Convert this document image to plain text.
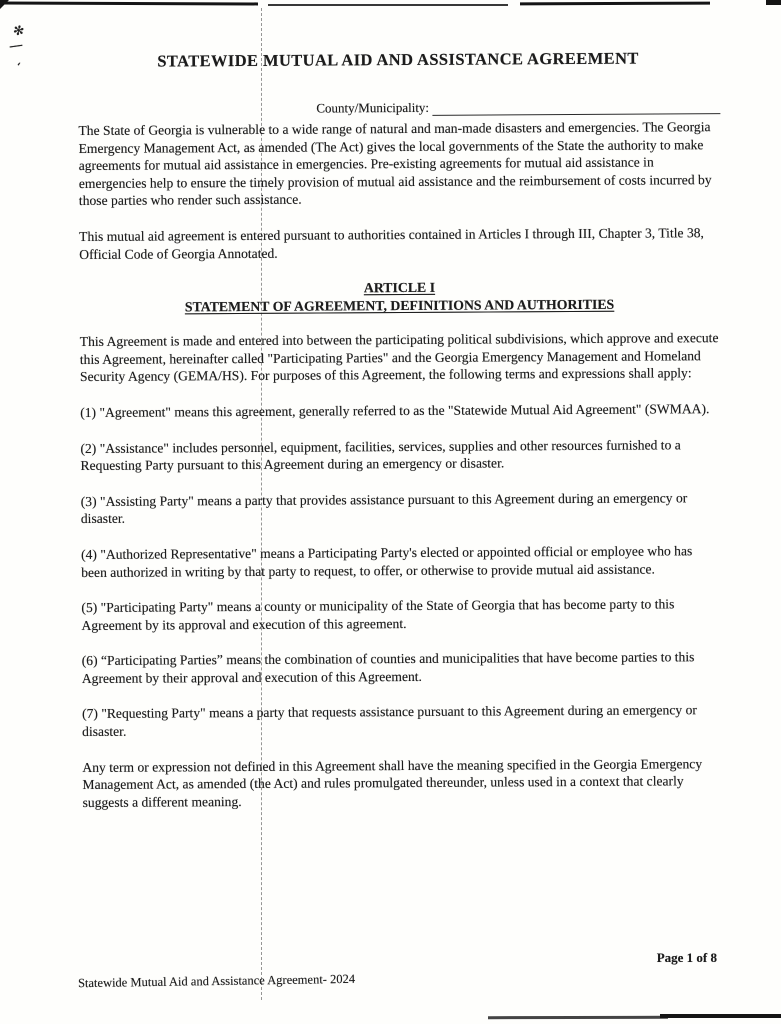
✻
—
ʻ	STATEWIDE MUTUAL AID AND ASSISTANCE AGREEMENT
County/Municipality:

The State of Georgia is vulnerable to a wide range of natural and man-made disasters and emergencies. The Georgia Emergency Management Act, as amended (The Act) gives the local governments of the State the authority to make agreements for mutual aid assistance in emergencies. Pre-existing agreements for mutual aid assistance in emergencies help to ensure the timely provision of mutual aid assistance and the reimbursement of costs incurred by those parties who render such assistance.

This mutual aid agreement is entered pursuant to authorities contained in Articles I through III, Chapter 3, Title 38, Official Code of Georgia Annotated.

ARTICLE I
STATEMENT OF AGREEMENT, DEFINITIONS AND AUTHORITIES

This Agreement is made and entered into between the participating political subdivisions, which approve and execute this Agreement, hereinafter called "Participating Parties" and the Georgia Emergency Management and Homeland Security Agency (GEMA/HS). For purposes of this Agreement, the following terms and expressions shall apply:

(1) "Agreement" means this agreement, generally referred to as the "Statewide Mutual Aid Agreement" (SWMAA).

(2) "Assistance" includes personnel, equipment, facilities, services, supplies and other resources furnished to a Requesting Party pursuant to this Agreement during an emergency or disaster.

(3) "Assisting Party" means a party that provides assistance pursuant to this Agreement during an emergency or disaster.

(4) "Authorized Representative" means a Participating Party's elected or appointed official or employee who has been authorized in writing by that party to request, to offer, or otherwise to provide mutual aid assistance.

(5) "Participating Party" means a county or municipality of the State of Georgia that has become party to this Agreement by its approval and execution of this agreement.

(6) “Participating Parties” means the combination of counties and municipalities that have become parties to this Agreement by their approval and execution of this Agreement.

(7) "Requesting Party" means a party that requests assistance pursuant to this Agreement during an emergency or disaster.

Any term or expression not defined in this Agreement shall have the meaning specified in the Georgia Emergency Management Act, as amended (the Act) and rules promulgated thereunder, unless used in a context that clearly suggests a different meaning.

Page 1 of 8
Statewide Mutual Aid and Assistance Agreement- 2024
